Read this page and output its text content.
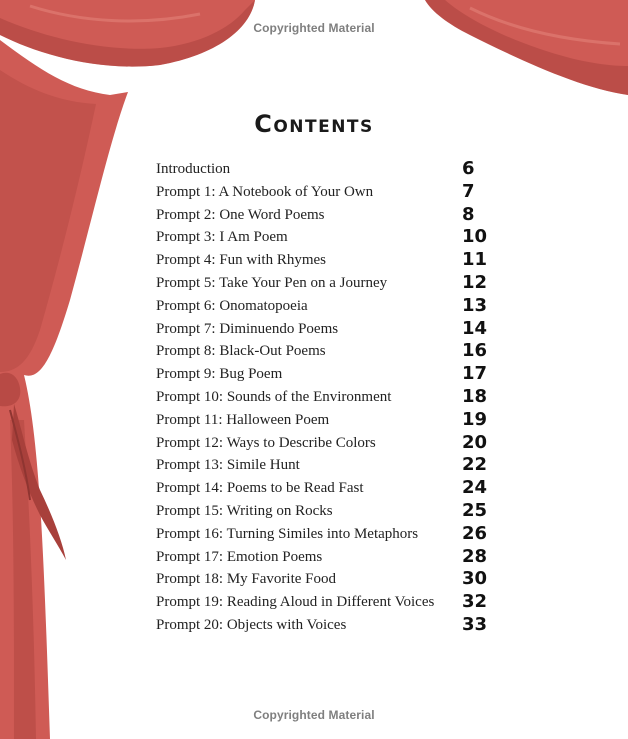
Copyrighted Material
Contents
Introduction	6
Prompt 1: A Notebook of Your Own	7
Prompt 2: One Word Poems	8
Prompt 3: I Am Poem	10
Prompt 4: Fun with Rhymes	11
Prompt 5: Take Your Pen on a Journey	12
Prompt 6: Onomatopoeia	13
Prompt 7: Diminuendo Poems	14
Prompt 8: Black-Out Poems	16
Prompt 9: Bug Poem	17
Prompt 10: Sounds of the Environment	18
Prompt 11: Halloween Poem	19
Prompt 12: Ways to Describe Colors	20
Prompt 13: Simile Hunt	22
Prompt 14: Poems to be Read Fast	24
Prompt 15: Writing on Rocks	25
Prompt 16: Turning Similes into Metaphors 26
Prompt 17: Emotion Poems	28
Prompt 18: My Favorite Food	30
Prompt 19: Reading Aloud in Different Voices 32
Prompt 20: Objects with Voices	33
Copyrighted Material
